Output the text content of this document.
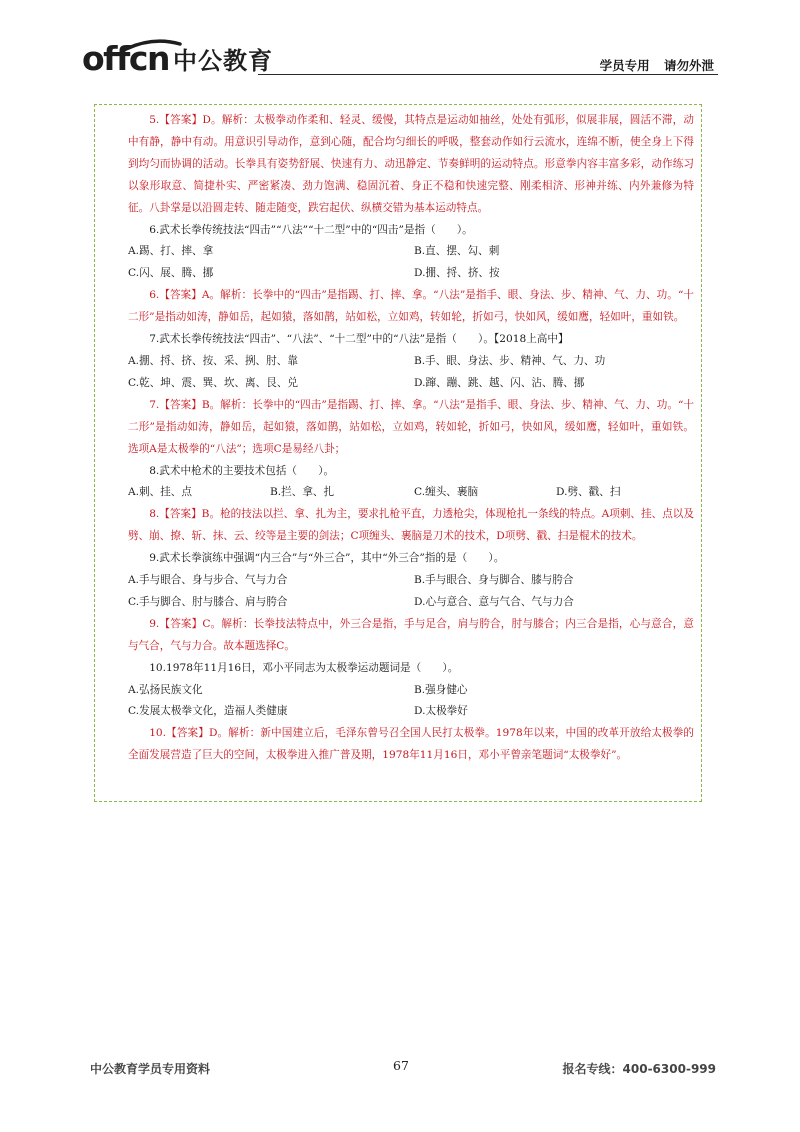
offcn 中公教育	学员专用 请勿外泄
5.【答案】D。解析：太极拳动作柔和、轻灵、缓慢，其特点是运动如抽丝，处处有弧形，似展非展，圆活不滞，动中有静，静中有动。用意识引导动作，意到心随，配合均匀细长的呼吸，整套动作如行云流水，连绵不断，使全身上下得到均匀而协调的活动。长拳具有姿势舒展、快速有力、动迅静定、节奏鲜明的运动特点。形意拳内容丰富多彩，动作练习以象形取意、简捷朴实、严密紧凑、劲力饱满、稳固沉着、身正不稳和快速完整、刚柔相济、形神并练、内外兼修为特征。八卦掌是以沿圆走转、随走随变，跌宕起伏、纵横交错为基本运动特点。
6.武术长拳传统技法“四击”“八法”“十二型”中的“四击”是指（　　）。
A.踢、打、摔、拿	B.直、摆、勾、刺
C.闪、展、腾、挪	D.掤、捋、挤、按
6.【答案】A。解析：长拳中的“四击”是指踢、打、摔、拿。“八法”是指手、眼、身法、步、精神、气、力、功。“十二形”是指动如涛，静如岳，起如猿，落如鹊，站如松，立如鸡，转如轮，折如弓，快如风，缓如鹰，轻如叶，重如铁。
7.武术长拳传统技法“四击”、“八法”、“十二型”中的“八法”是指（　　）。【2018上高中】
A.掤、捋、挤、按、采、挒、肘、靠	B.手、眼、身法、步、精神、气、力、功
C.乾、坤、震、巽、坎、离、艮、兑	D.蹿、蹦、跳、越、闪、沾、腾、挪
7.【答案】B。解析：长拳中的“四击”是指踢、打、摔、拿。“八法”是指手、眼、身法、步、精神、气、力、功。“十二形”是指动如涛，静如岳，起如猿，落如鹊，站如松，立如鸡，转如轮，折如弓，快如风，缓如鹰，轻如叶，重如铁。选项A是太极拳的“八法”；选项C是易经八卦；
8.武术中枪术的主要技术包括（　　）。
A.刺、挂、点	B.拦、拿、扎	C.缠头、裹脑	D.劈、戳、扫
8.【答案】B。枪的技法以拦、拿、扎为主，要求扎枪平直，力透枪尖，体现枪扎一条线的特点。A项刺、挂、点以及劈、崩、撩、斩、抹、云、绞等是主要的剑法；C项缠头、裹脑是刀术的技术，D项劈、戳、扫是棍术的技术。
9.武术长拳演练中强调“内三合”与“外三合”，其中“外三合”指的是（　　）。
A.手与眼合、身与步合、气与力合	B.手与眼合、身与脚合、膝与胯合
C.手与脚合、肘与膝合、肩与胯合	D.心与意合、意与气合、气与力合
9.【答案】C。解析：长拳技法特点中，外三合是指，手与足合，肩与胯合，肘与膝合；内三合是指，心与意合，意与气合，气与力合。故本题选择C。
10.1978年11月16日，邓小平同志为太极拳运动题词是（　　）。
A.弘扬民族文化	B.强身健心
C.发展太极拳文化，造福人类健康	D.太极拳好
10.【答案】D。解析：新中国建立后，毛泽东曾号召全国人民打太极拳。1978年以来，中国的改革开放给太极拳的全面发展营造了巨大的空间，太极拳进入推广普及期，1978年11月16日，邓小平曾亲笔题词“太极拳好”。
中公教育学员专用资料	67	报名专线：400-6300-999
